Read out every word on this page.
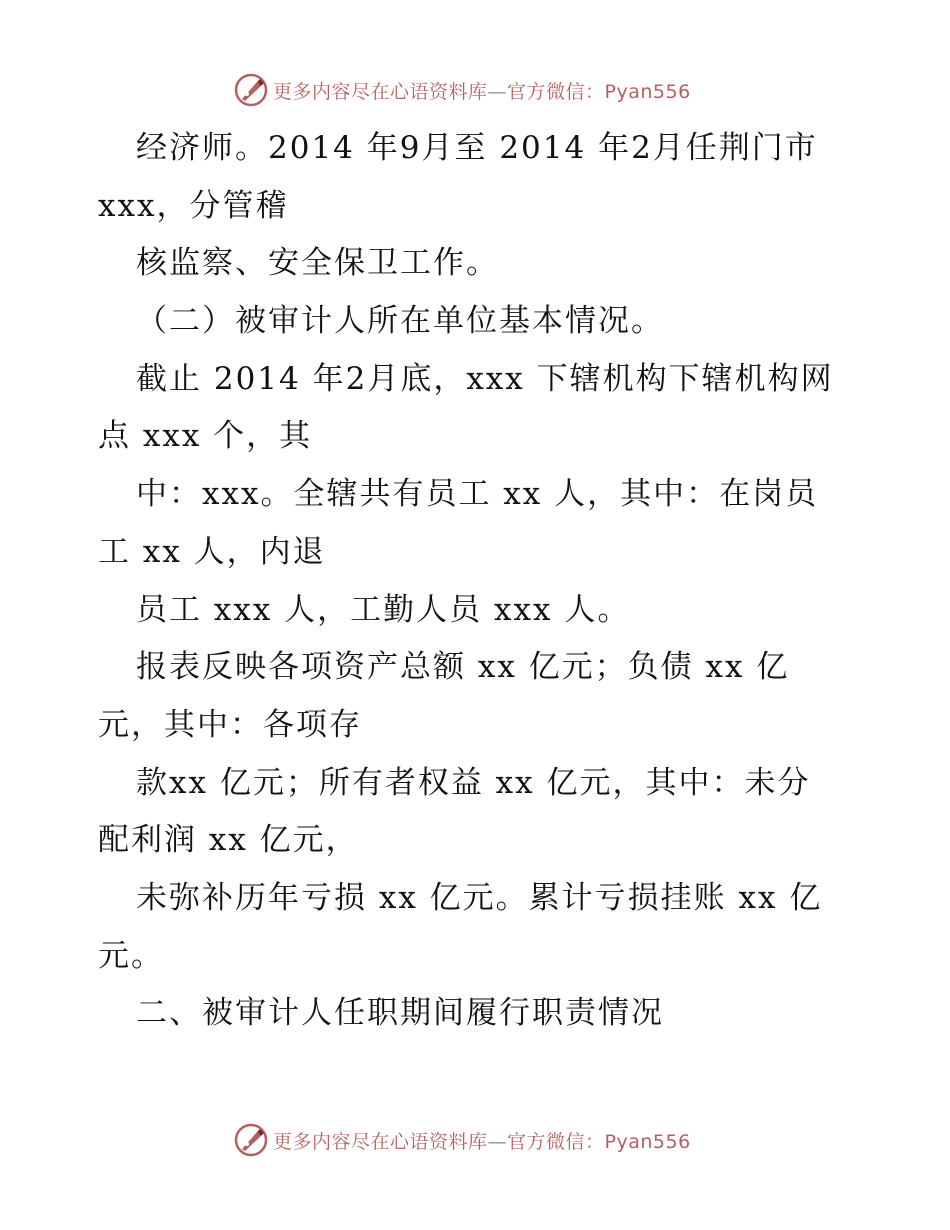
更多内容尽在心语资料库—官方微信：Pyan556
经济师。2014 年9月至 2014 年2月任荆门市
xxx，分管稽
核监察、安全保卫工作。
（二）被审计人所在单位基本情况。
截止 2014 年2月底，xxx 下辖机构下辖机构网
点 xxx 个，其
中：xxx。全辖共有员工 xx 人，其中：在岗员
工 xx 人，内退
员工 xxx 人，工勤人员 xxx 人。
报表反映各项资产总额 xx 亿元；负债 xx 亿
元，其中：各项存
款xx 亿元；所有者权益 xx 亿元，其中：未分
配利润 xx 亿元，
未弥补历年亏损 xx 亿元。累计亏损挂账 xx 亿
元。
二、被审计人任职期间履行职责情况
更多内容尽在心语资料库—官方微信：Pyan556
